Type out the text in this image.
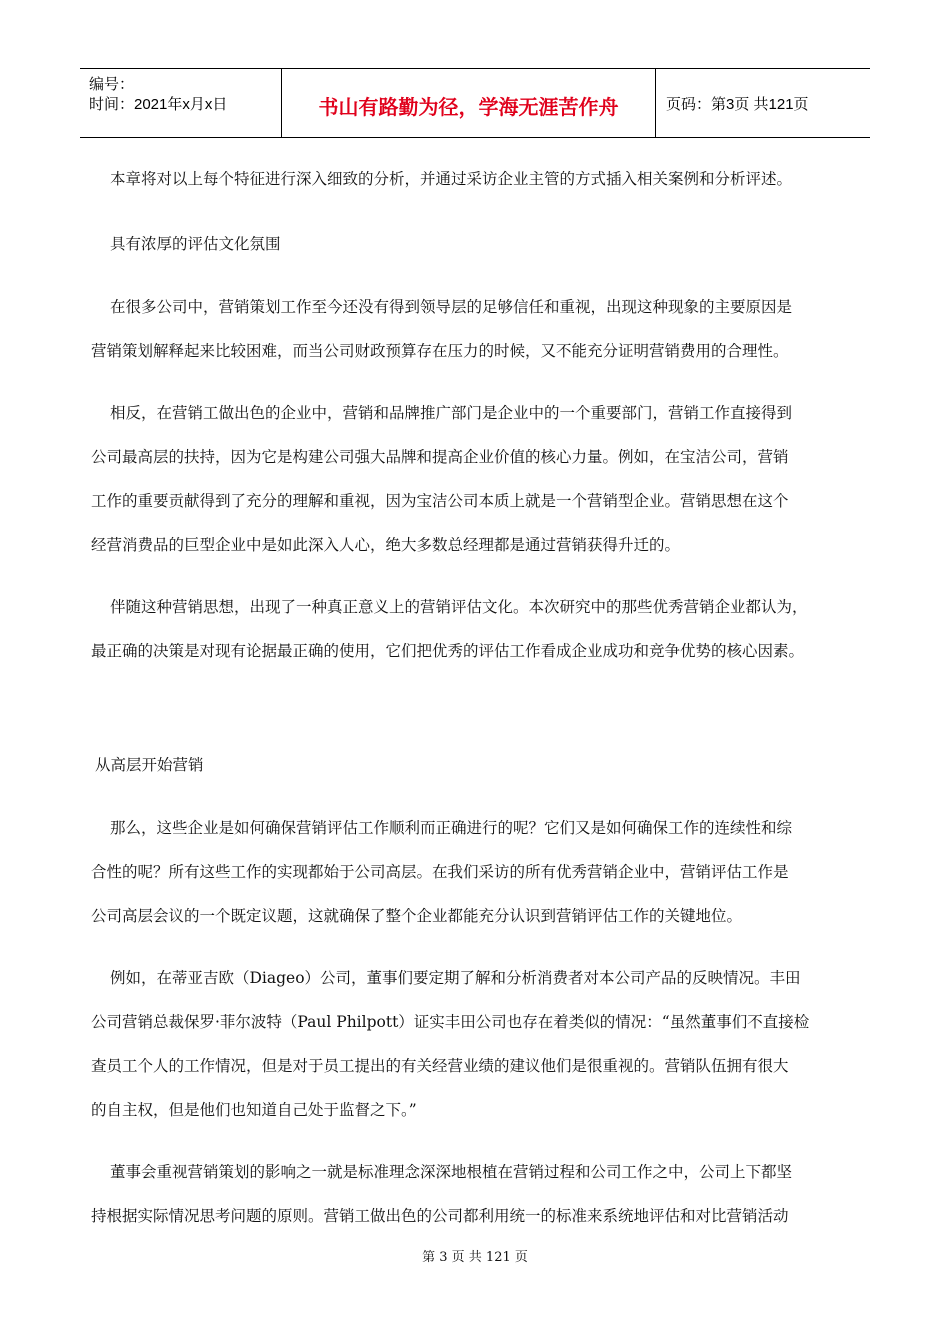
编号：
时间：2021年x月x日	书山有路勤为径，学海无涯苦作舟	页码：第3页 共121页
本章将对以上每个特征进行深入细致的分析，并通过采访企业主管的方式插入相关案例和分析评述。
具有浓厚的评估文化氛围
在很多公司中，营销策划工作至今还没有得到领导层的足够信任和重视，出现这种现象的主要原因是
营销策划解释起来比较困难，而当公司财政预算存在压力的时候，又不能充分证明营销费用的合理性。
相反，在营销工做出色的企业中，营销和品牌推广部门是企业中的一个重要部门，营销工作直接得到
公司最高层的扶持，因为它是构建公司强大品牌和提高企业价值的核心力量。例如，在宝洁公司，营销
工作的重要贡献得到了充分的理解和重视，因为宝洁公司本质上就是一个营销型企业。营销思想在这个
经营消费品的巨型企业中是如此深入人心，绝大多数总经理都是通过营销获得升迁的。
伴随这种营销思想，出现了一种真正意义上的营销评估文化。本次研究中的那些优秀营销企业都认为，
最正确的决策是对现有论据最正确的使用，它们把优秀的评估工作看成企业成功和竞争优势的核心因素。
从高层开始营销
那么，这些企业是如何确保营销评估工作顺利而正确进行的呢？它们又是如何确保工作的连续性和综
合性的呢？所有这些工作的实现都始于公司高层。在我们采访的所有优秀营销企业中，营销评估工作是
公司高层会议的一个既定议题，这就确保了整个企业都能充分认识到营销评估工作的关键地位。
例如，在蒂亚吉欧（Diageo）公司，董事们要定期了解和分析消费者对本公司产品的反映情况。丰田
公司营销总裁保罗·菲尔波特（Paul Philpott）证实丰田公司也存在着类似的情况：“虽然董事们不直接检
查员工个人的工作情况，但是对于员工提出的有关经营业绩的建议他们是很重视的。营销队伍拥有很大
的自主权，但是他们也知道自己处于监督之下。”
董事会重视营销策划的影响之一就是标准理念深深地根植在营销过程和公司工作之中，公司上下都坚
持根据实际情况思考问题的原则。营销工做出色的公司都利用统一的标准来系统地评估和对比营销活动
第 3 页 共 121 页
